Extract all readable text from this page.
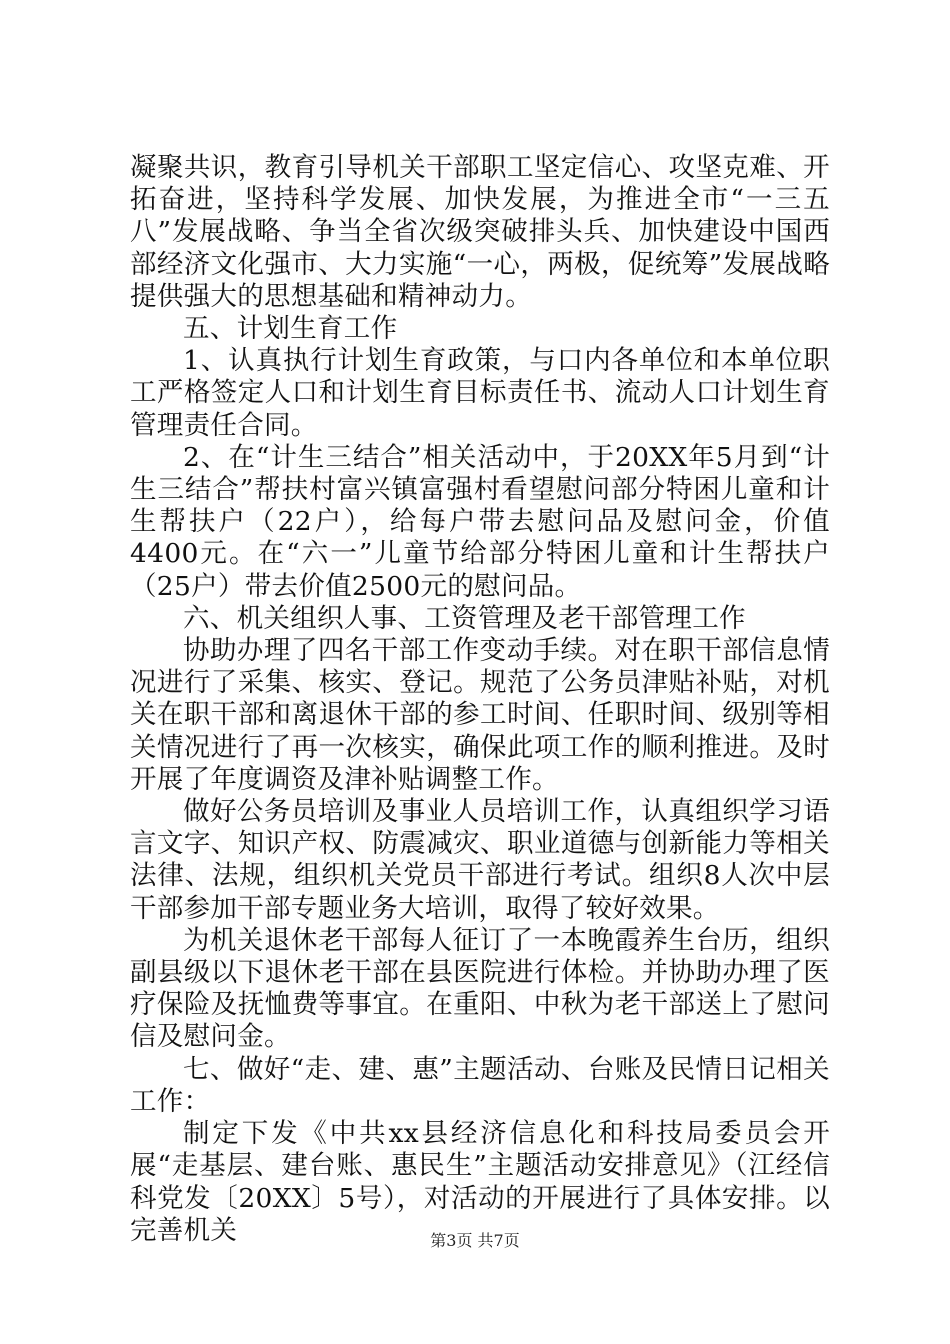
凝聚共识，教育引导机关干部职工坚定信心、攻坚克难、开拓奋进，坚持科学发展、加快发展，为推进全市“一三五八”发展战略、争当全省次级突破排头兵、加快建设中国西部经济文化强市、大力实施“一心，两极，促统筹”发展战略提供强大的思想基础和精神动力。

五、计划生育工作

1、认真执行计划生育政策，与口内各单位和本单位职工严格签定人口和计划生育目标责任书、流动人口计划生育管理责任合同。

2、在“计生三结合”相关活动中，于20XX年5月到“计生三结合”帮扶村富兴镇富强村看望慰问部分特困儿童和计生帮扶户（22户），给每户带去慰问品及慰问金，价值4400元。在“六一”儿童节给部分特困儿童和计生帮扶户（25户）带去价值2500元的慰问品。

六、机关组织人事、工资管理及老干部管理工作

协助办理了四名干部工作变动手续。对在职干部信息情况进行了采集、核实、登记。规范了公务员津贴补贴，对机关在职干部和离退休干部的参工时间、任职时间、级别等相关情况进行了再一次核实，确保此项工作的顺利推进。及时开展了年度调资及津补贴调整工作。

做好公务员培训及事业人员培训工作，认真组织学习语言文字、知识产权、防震减灾、职业道德与创新能力等相关法律、法规，组织机关党员干部进行考试。组织8人次中层干部参加干部专题业务大培训，取得了较好效果。

为机关退休老干部每人征订了一本晚霞养生台历，组织副县级以下退休老干部在县医院进行体检。并协助办理了医疗保险及抚恤费等事宜。在重阳、中秋为老干部送上了慰问信及慰问金。

七、做好“走、建、惠”主题活动、台账及民情日记相关工作：

制定下发《中共xx县经济信息化和科技局委员会开展“走基层、建台账、惠民生”主题活动安排意见》（江经信科党发〔20XX〕5号），对活动的开展进行了具体安排。以完善机关	第3页 共7页
